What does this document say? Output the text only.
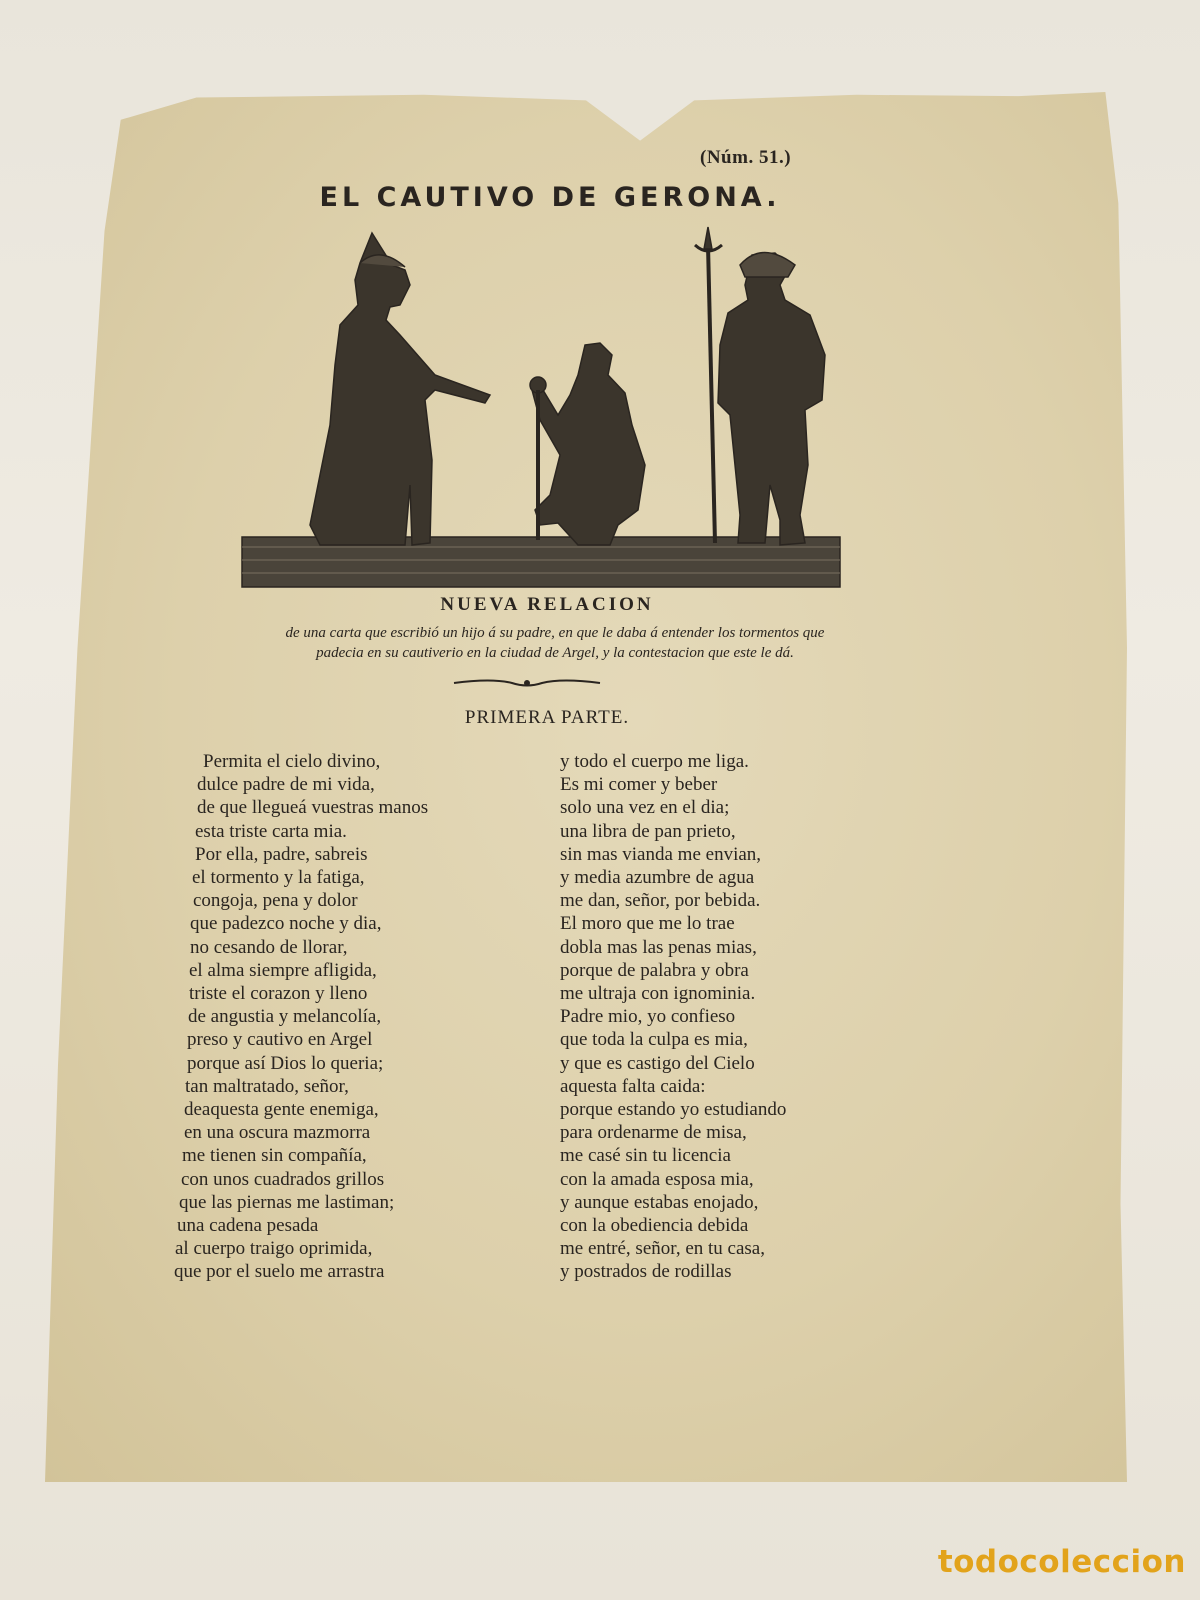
(Núm. 51.)
EL CAUTIVO DE GERONA.
NUEVA RELACION
de una carta que escribió un hijo á su padre, en que le daba á entender los tormentos que
padecia en su cautiverio en la ciudad de Argel, y la contestacion que este le dá.
PRIMERA PARTE.
Permita el cielo divino,
dulce padre de mi vida,
de que llegueá vuestras manos
esta triste carta mia.
Por ella, padre, sabreis
el tormento y la fatiga,
congoja, pena y dolor
que padezco noche y dia,
no cesando de llorar,
el alma siempre afligida,
triste el corazon y lleno
de angustia y melancolía,
preso y cautivo en Argel
porque así Dios lo queria;
tan maltratado, señor,
deaquesta gente enemiga,
en una oscura mazmorra
me tienen sin compañía,
con unos cuadrados grillos
que las piernas me lastiman;
una cadena pesada
al cuerpo traigo oprimida,
que por el suelo me arrastra
y todo el cuerpo me liga.
Es mi comer y beber
solo una vez en el dia;
una libra de pan prieto,
sin mas vianda me envian,
y media azumbre de agua
me dan, señor, por bebida.
El moro que me lo trae
dobla mas las penas mias,
porque de palabra y obra
me ultraja con ignominia.
Padre mio, yo confieso
que toda la culpa es mia,
y que es castigo del Cielo
aquesta falta caida:
porque estando yo estudiando
para ordenarme de misa,
me casé sin tu licencia
con la amada esposa mia,
y aunque estabas enojado,
con la obediencia debida
me entré, señor, en tu casa,
y postrados de rodillas
todocoleccion
